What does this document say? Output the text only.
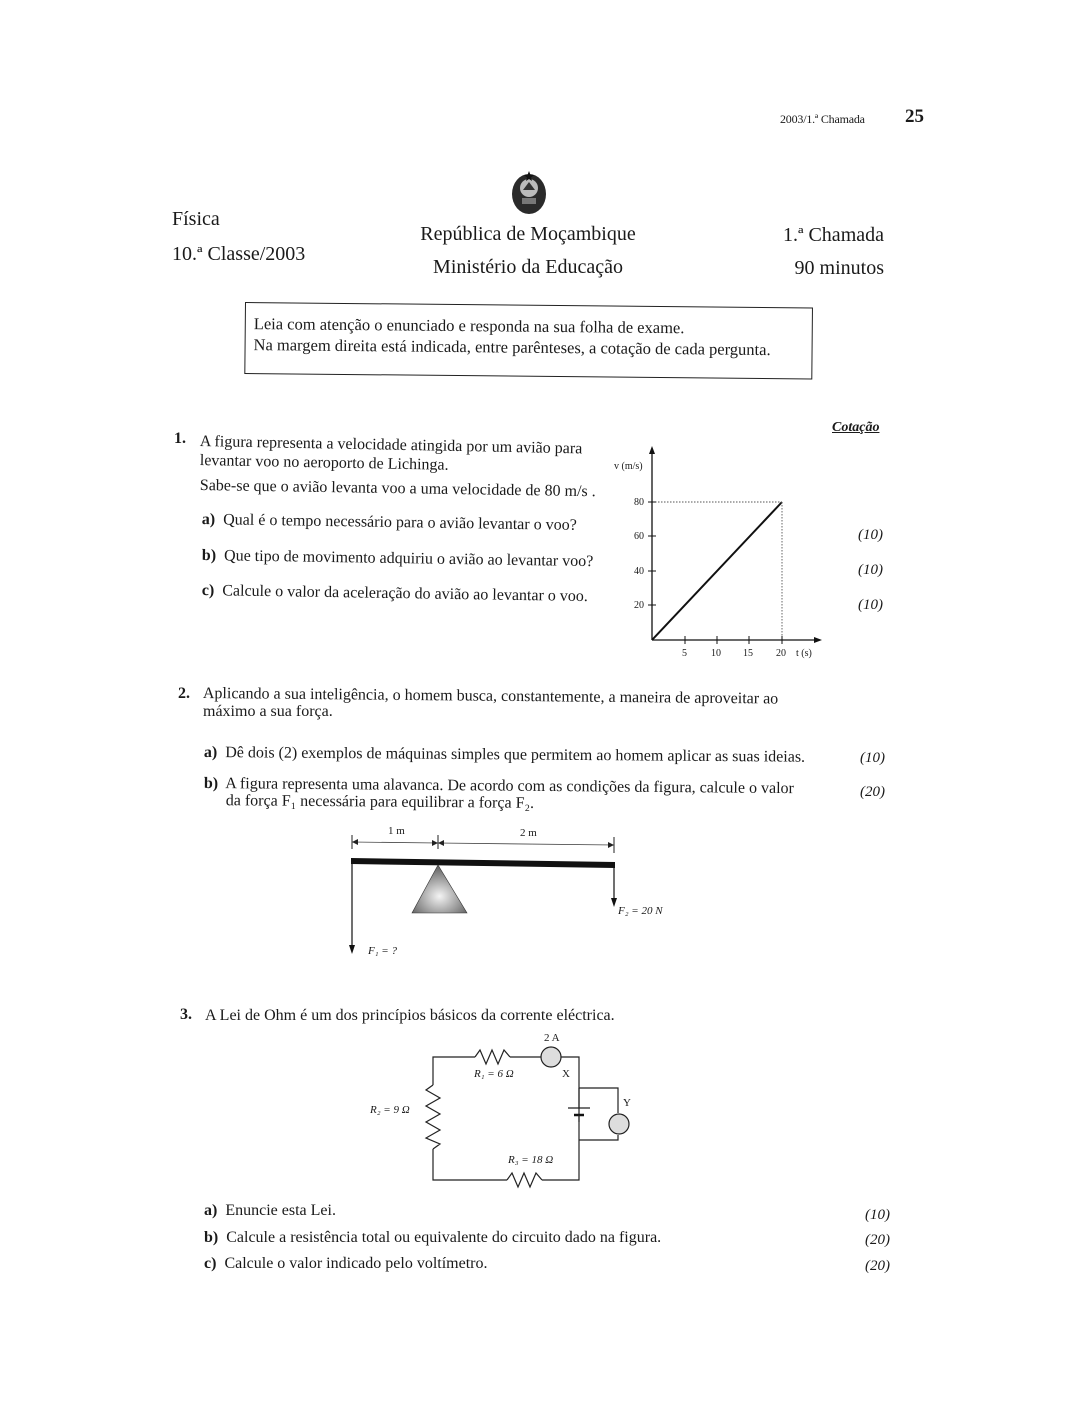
2003/1.ª Chamada 25
Física
10.ª Classe/2003
República de Moçambique
Ministério da Educação
1.ª Chamada
90 minutos
Leia com atenção o enunciado e responda na sua folha de exame.
Na margem direita está indicada, entre parênteses, a cotação de cada pergunta.
Cotação
1. A figura representa a velocidade atingida por um avião para
levantar voo no aeroporto de Lichinga.
Sabe-se que o avião levanta voo a uma velocidade de 80 m/s .
a) Qual é o tempo necessário para o avião levantar o voo?
b) Que tipo de movimento adquiriu o avião ao levantar voo?
c) Calcule o valor da aceleração do avião ao levantar o voo.
(10)
(10)
(10)
v (m/s)
80
60
40
20
5 10 15 20 t (s)
2. Aplicando a sua inteligência, o homem busca, constantemente, a maneira de aproveitar ao
máximo a sua força.
a) Dê dois (2) exemplos de máquinas simples que permitem ao homem aplicar as suas ideias.
b) A figura representa uma alavanca. De acordo com as condições da figura, calcule o valor
da força F₁ necessária para equilibrar a força F₂.
(10)
(20)
1 m	2 m
F₁ = ?
F₂ = 20 N
3. A Lei de Ohm é um dos princípios básicos da corrente eléctrica.
2 A
X
Y
R₁ = 6 Ω
R₂ = 9 Ω
R₃ = 18 Ω
a) Enuncie esta Lei.
b) Calcule a resistência total ou equivalente do circuito dado na figura.
c) Calcule o valor indicado pelo voltímetro.
(10)
(20)
(20)
